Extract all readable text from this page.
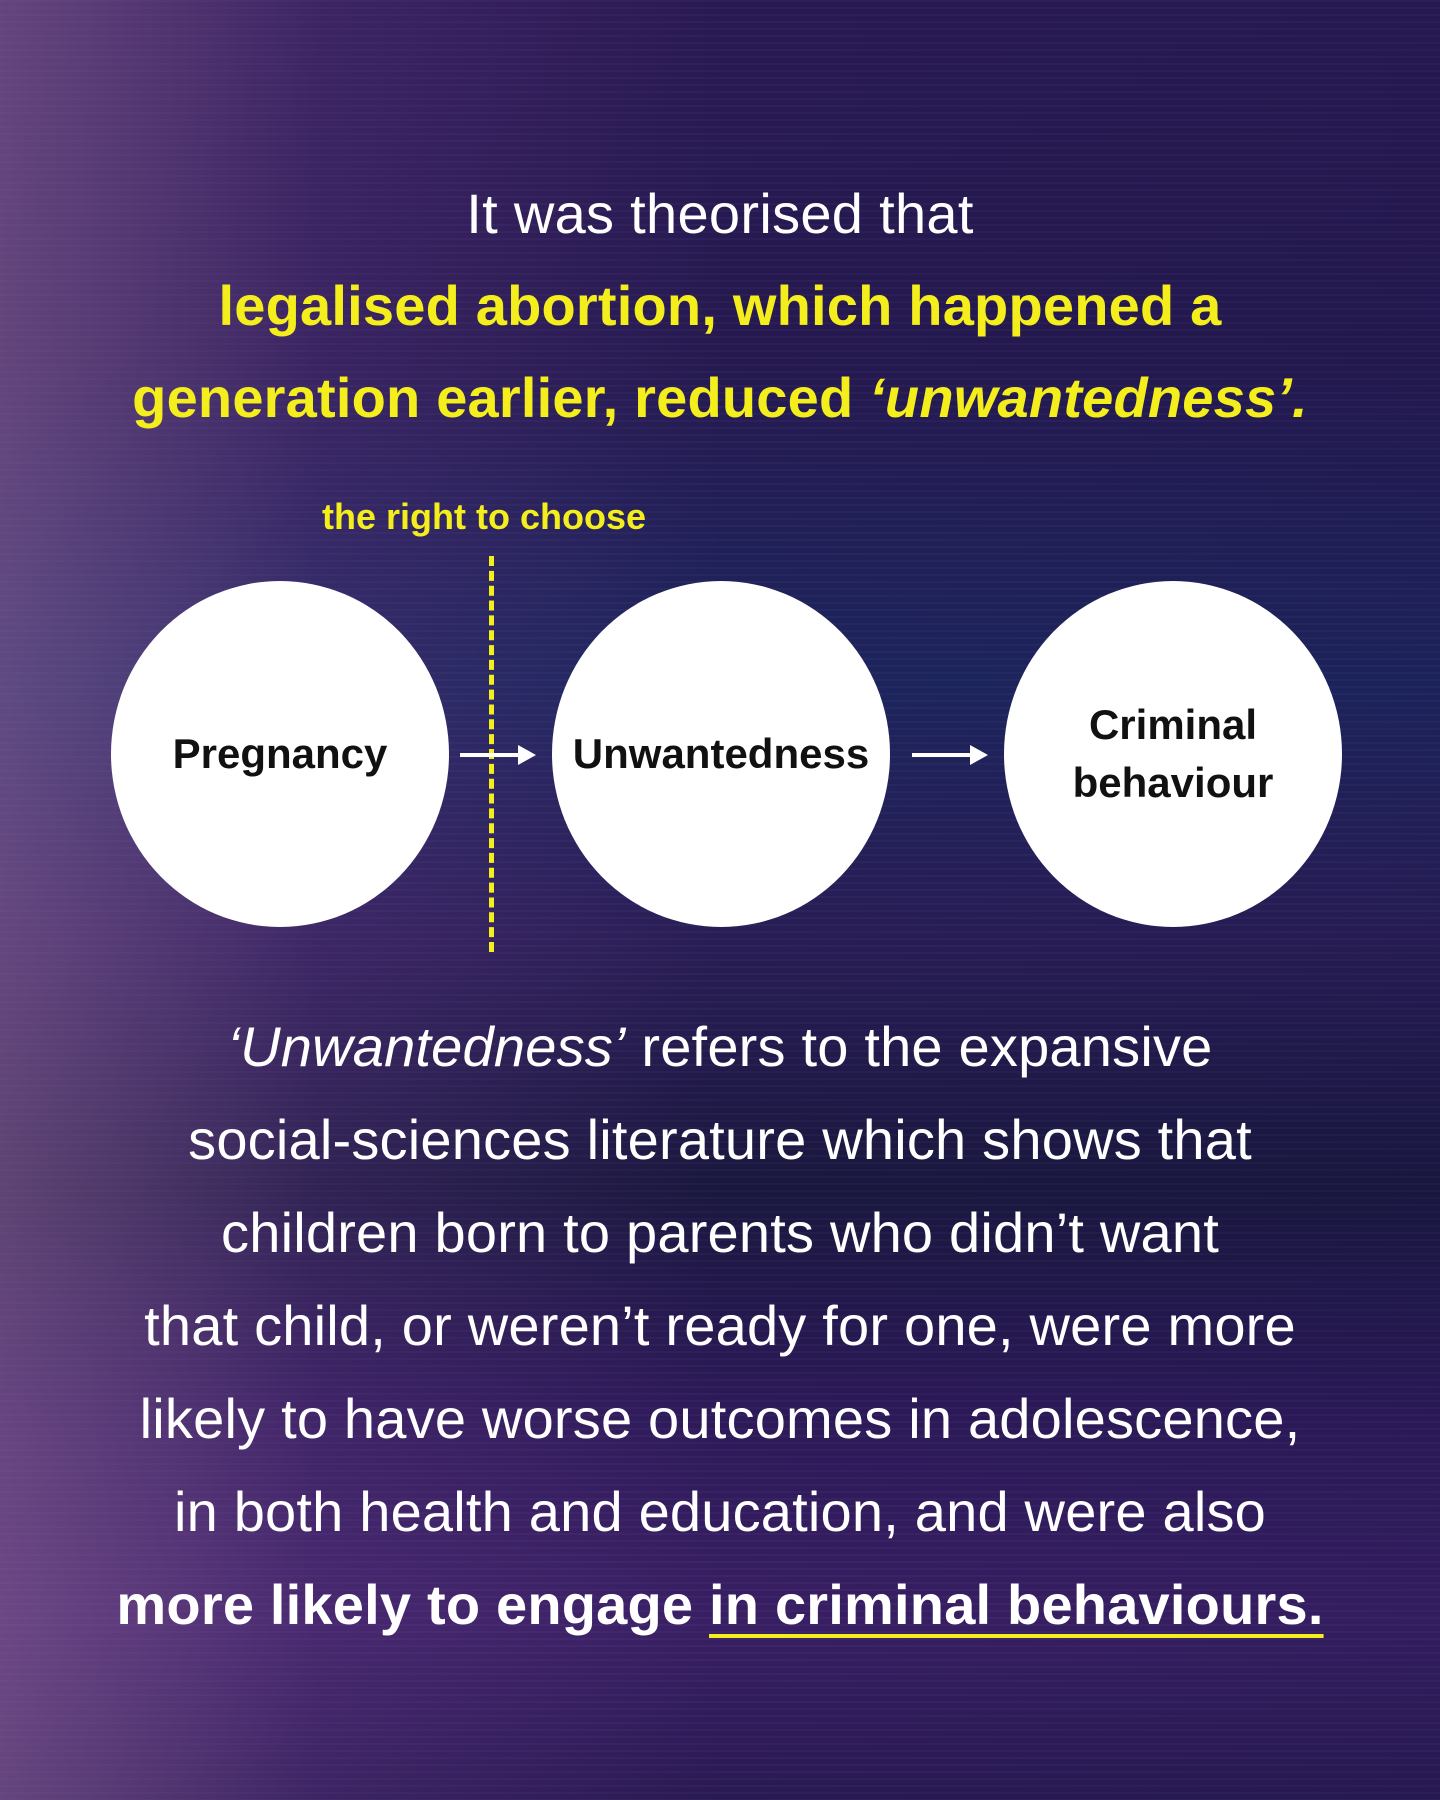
It was theorised that
legalised abortion, which happened a
generation earlier, reduced ‘unwantedness’.
the right to choose
Pregnancy	Unwantedness
Criminal
behaviour
‘Unwantedness’ refers to the expansive
social-sciences literature which shows that
children born to parents who didn’t want
that child, or weren’t ready for one, were more
likely to have worse outcomes in adolescence,
in both health and education, and were also
more likely to engage in criminal behaviours.
